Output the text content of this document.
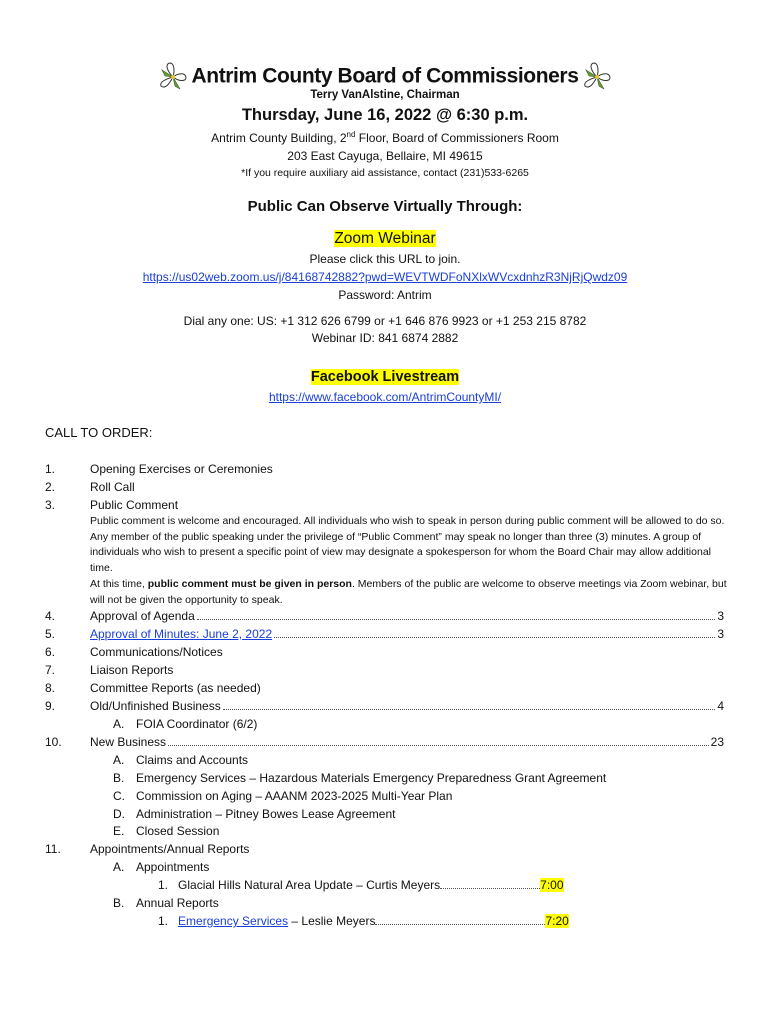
Antrim County Board of Commissioners
Terry VanAlstine, Chairman
Thursday, June 16, 2022 @ 6:30 p.m.
Antrim County Building, 2nd Floor, Board of Commissioners Room
203 East Cayuga, Bellaire, MI 49615
*If you require auxiliary aid assistance, contact (231)533-6265
Public Can Observe Virtually Through:
Zoom Webinar
Please click this URL to join.
https://us02web.zoom.us/j/84168742882?pwd=WEVTWDFoNXlxWVcxdnhzR3NjRjQwdz09
Password: Antrim
Dial any one: US: +1 312 626 6799 or +1 646 876 9923 or +1 253 215 8782
Webinar ID: 841 6874 2882
Facebook Livestream
https://www.facebook.com/AntrimCountyMI/
CALL TO ORDER:
1.	Opening Exercises or Ceremonies
2.	Roll Call
3.	Public Comment
Public comment is welcome and encouraged. All individuals who wish to speak in person during public comment will be allowed to do so. Any member of the public speaking under the privilege of “Public Comment” may speak no longer than three (3) minutes. A group of individuals who wish to present a specific point of view may designate a spokesperson for whom the Board Chair may allow additional time.
At this time, public comment must be given in person. Members of the public are welcome to observe meetings via Zoom webinar, but will not be given the opportunity to speak.
4.	Approval of Agenda	3
5.	Approval of Minutes: June 2, 2022	3
6.	Communications/Notices
7.	Liaison Reports
8.	Committee Reports (as needed)
9.	Old/Unfinished Business	4
A. FOIA Coordinator (6/2)
10. New Business	23
A. Claims and Accounts
B. Emergency Services – Hazardous Materials Emergency Preparedness Grant Agreement
C. Commission on Aging – AAANM 2023-2025 Multi-Year Plan
D. Administration – Pitney Bowes Lease Agreement
E. Closed Session
11. Appointments/Annual Reports
A. Appointments
1. Glacial Hills Natural Area Update – Curtis Meyers	7:00
B. Annual Reports
1. Emergency Services – Leslie Meyers	7:20
